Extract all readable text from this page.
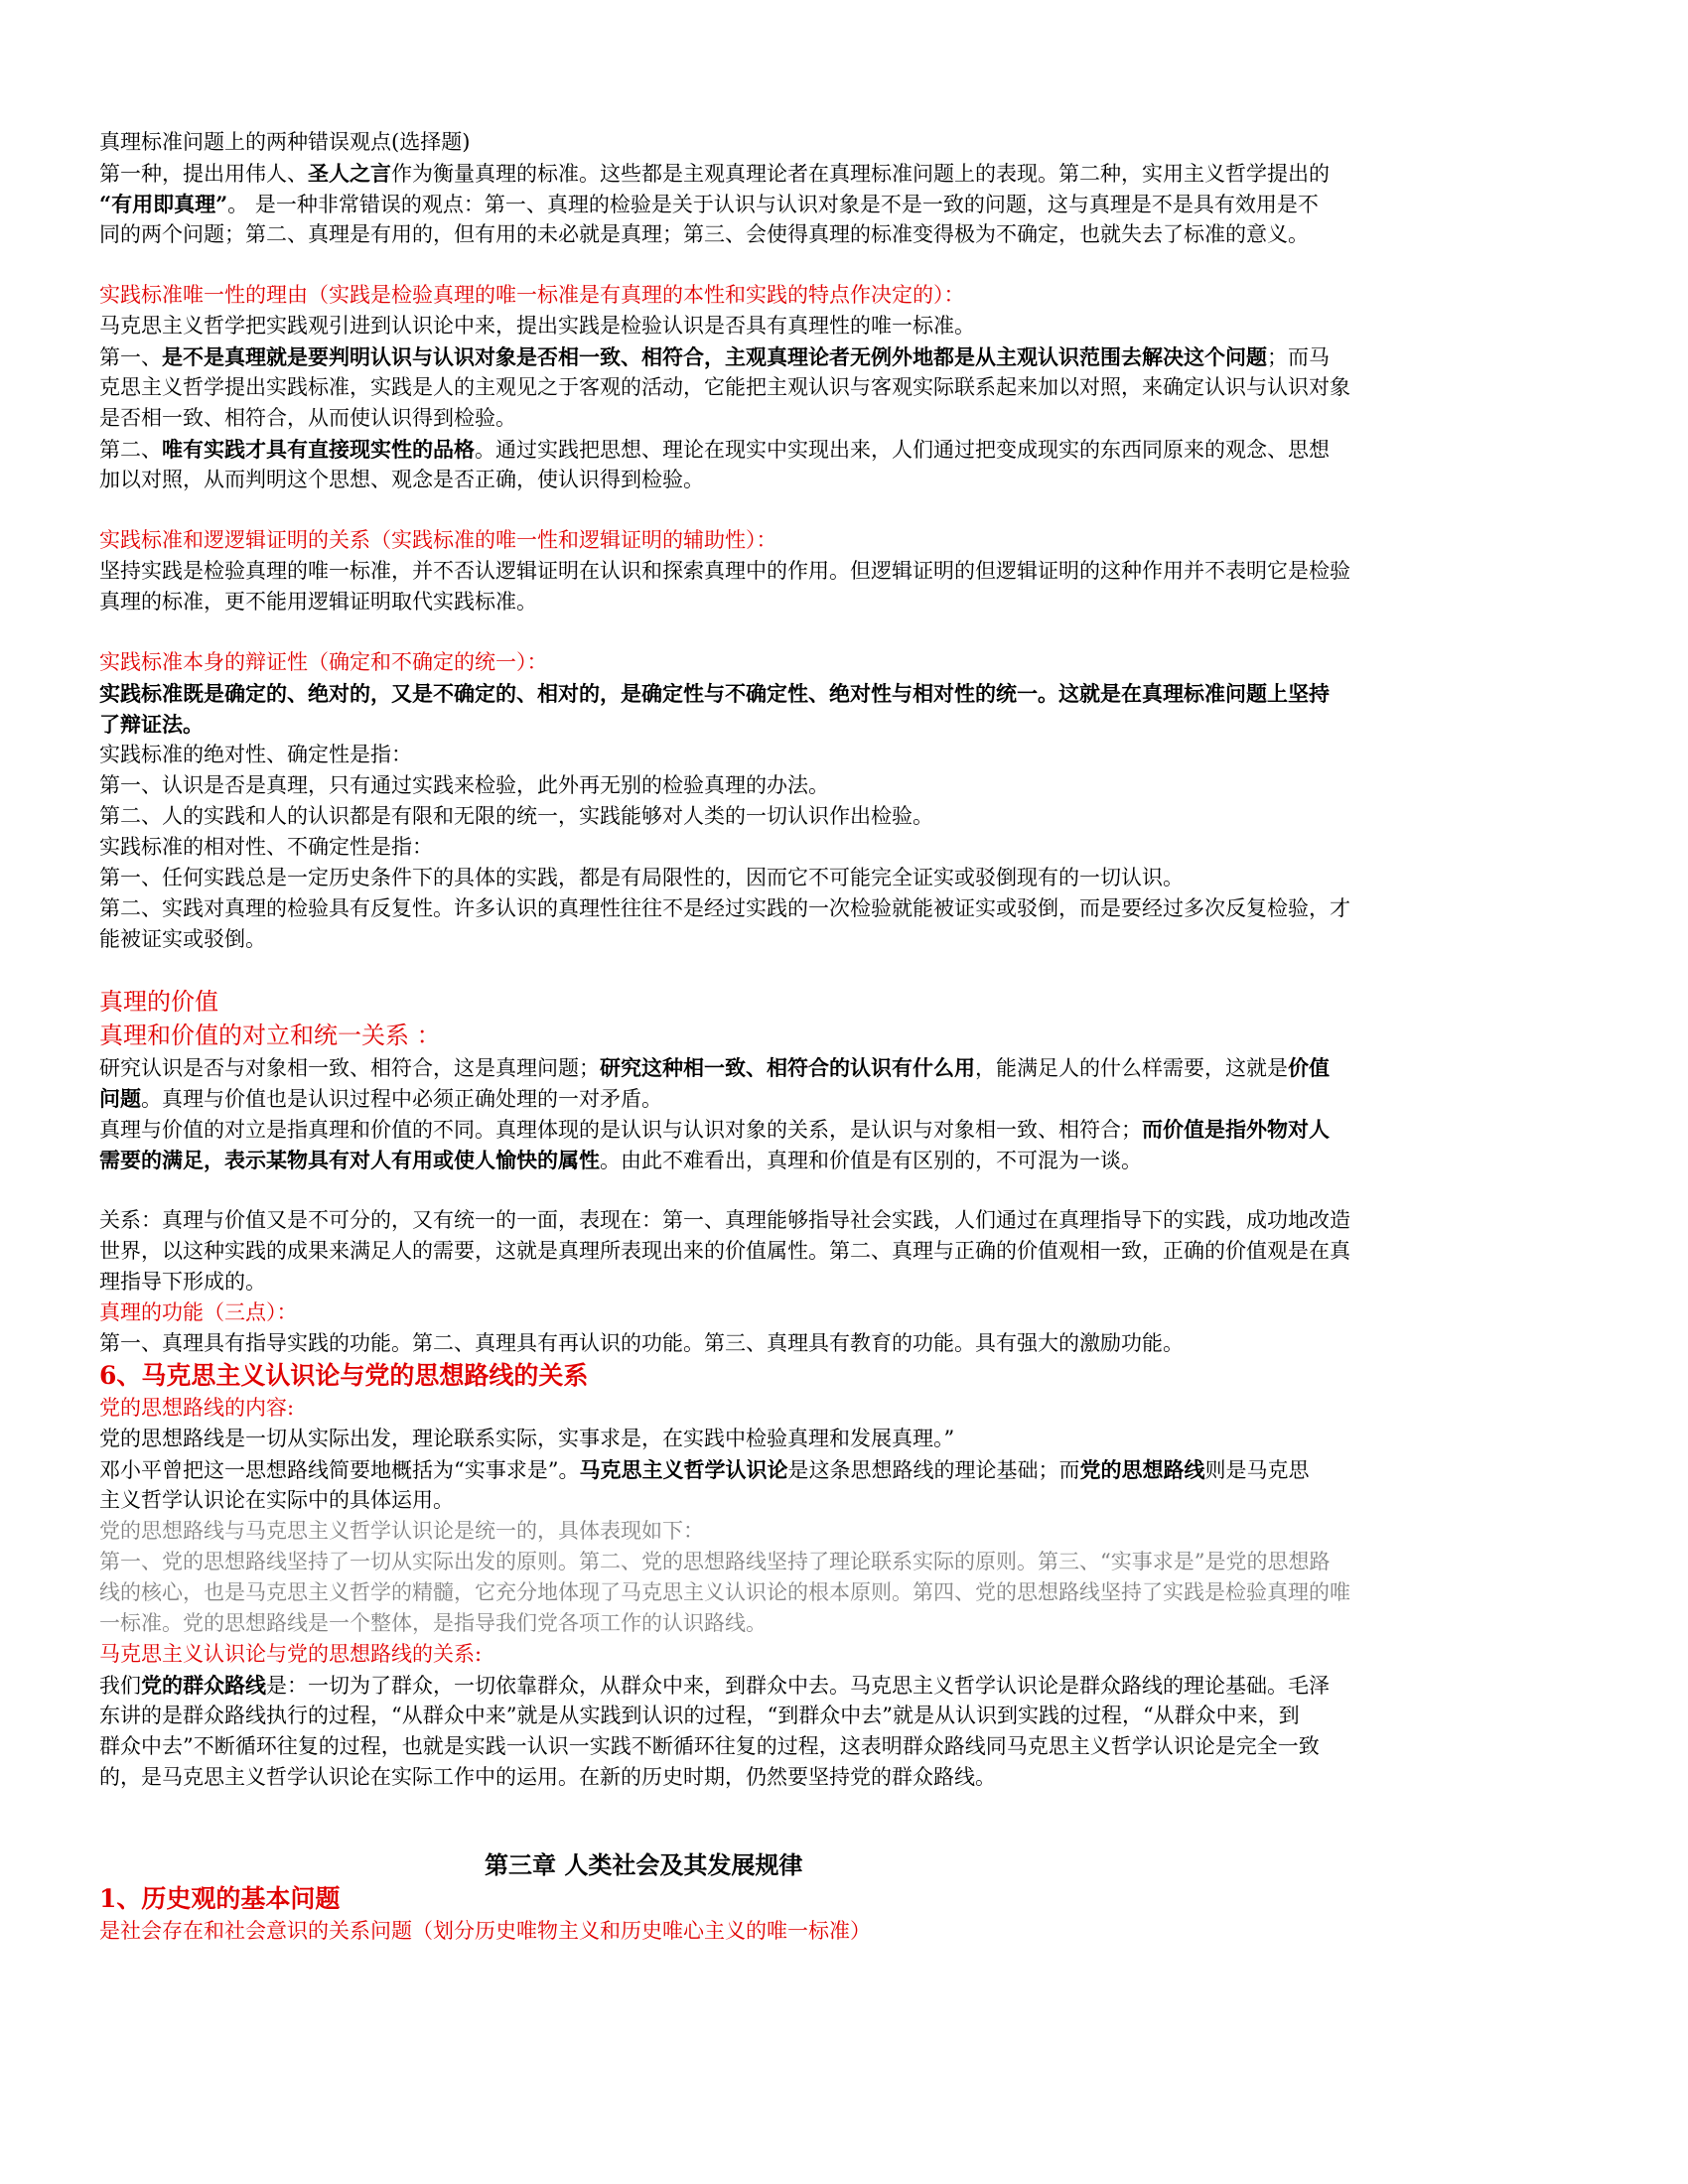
真理标准问题上的两种错误观点(选择题)
第一种，提出用伟人、圣人之言作为衡量真理的标准。这些都是主观真理论者在真理标准问题上的表现。第二种，实用主义哲学提出的
“有用即真理”。 是一种非常错误的观点：第一、真理的检验是关于认识与认识对象是不是一致的问题，这与真理是不是具有效用是不
同的两个问题；第二、真理是有用的，但有用的未必就是真理；第三、会使得真理的标准变得极为不确定，也就失去了标准的意义。
实践标准唯一性的理由（实践是检验真理的唯一标准是有真理的本性和实践的特点作决定的）：
马克思主义哲学把实践观引进到认识论中来，提出实践是检验认识是否具有真理性的唯一标准。
第一、是不是真理就是要判明认识与认识对象是否相一致、相符合，主观真理论者无例外地都是从主观认识范围去解决这个问题；而马
克思主义哲学提出实践标准，实践是人的主观见之于客观的活动，它能把主观认识与客观实际联系起来加以对照，来确定认识与认识对象
是否相一致、相符合，从而使认识得到检验。
第二、唯有实践才具有直接现实性的品格。通过实践把思想、理论在现实中实现出来，人们通过把变成现实的东西同原来的观念、思想
加以对照，从而判明这个思想、观念是否正确，使认识得到检验。
实践标准和逻逻辑证明的关系（实践标准的唯一性和逻辑证明的辅助性）：
坚持实践是检验真理的唯一标准，并不否认逻辑证明在认识和探索真理中的作用。但逻辑证明的但逻辑证明的这种作用并不表明它是检验
真理的标准，更不能用逻辑证明取代实践标准。
实践标准本身的辩证性（确定和不确定的统一）：
实践标准既是确定的、绝对的，又是不确定的、相对的，是确定性与不确定性、绝对性与相对性的统一。这就是在真理标准问题上坚持
了辩证法。
实践标准的绝对性、确定性是指：
第一、认识是否是真理，只有通过实践来检验，此外再无别的检验真理的办法。
第二、人的实践和人的认识都是有限和无限的统一，实践能够对人类的一切认识作出检验。
实践标准的相对性、不确定性是指：
第一、任何实践总是一定历史条件下的具体的实践，都是有局限性的，因而它不可能完全证实或驳倒现有的一切认识。
第二、实践对真理的检验具有反复性。许多认识的真理性往往不是经过实践的一次检验就能被证实或驳倒，而是要经过多次反复检验，才
能被证实或驳倒。
真理的价值
真理和价值的对立和统一关系 ：
研究认识是否与对象相一致、相符合，这是真理问题；研究这种相一致、相符合的认识有什么用，能满足人的什么样需要，这就是价值
问题。真理与价值也是认识过程中必须正确处理的一对矛盾。
真理与价值的对立是指真理和价值的不同。真理体现的是认识与认识对象的关系，是认识与对象相一致、相符合；而价值是指外物对人
需要的满足，表示某物具有对人有用或使人愉快的属性。由此不难看出，真理和价值是有区别的，不可混为一谈。
关系：真理与价值又是不可分的，又有统一的一面，表现在：第一、真理能够指导社会实践，人们通过在真理指导下的实践，成功地改造
世界，以这种实践的成果来满足人的需要，这就是真理所表现出来的价值属性。第二、真理与正确的价值观相一致，正确的价值观是在真
理指导下形成的。
真理的功能（三点）：
第一、真理具有指导实践的功能。第二、真理具有再认识的功能。第三、真理具有教育的功能。具有强大的激励功能。
6、马克思主义认识论与党的思想路线的关系
党的思想路线的内容:
党的思想路线是一切从实际出发，理论联系实际，实事求是，在实践中检验真理和发展真理。”
邓小平曾把这一思想路线简要地概括为“实事求是”。马克思主义哲学认识论是这条思想路线的理论基础；而党的思想路线则是马克思
主义哲学认识论在实际中的具体运用。
党的思想路线与马克思主义哲学认识论是统一的，具体表现如下：
第一、党的思想路线坚持了一切从实际出发的原则。第二、党的思想路线坚持了理论联系实际的原则。第三、“实事求是”是党的思想路
线的核心，也是马克思主义哲学的精髓，它充分地体现了马克思主义认识论的根本原则。第四、党的思想路线坚持了实践是检验真理的唯
一标准。党的思想路线是一个整体，是指导我们党各项工作的认识路线。
马克思主义认识论与党的思想路线的关系:
我们党的群众路线是：一切为了群众，一切依靠群众，从群众中来，到群众中去。马克思主义哲学认识论是群众路线的理论基础。毛泽
东讲的是群众路线执行的过程，“从群众中来”就是从实践到认识的过程，“到群众中去”就是从认识到实践的过程，“从群众中来，到
群众中去”不断循环往复的过程，也就是实践一认识一实践不断循环往复的过程，这表明群众路线同马克思主义哲学认识论是完全一致
的，是马克思主义哲学认识论在实际工作中的运用。在新的历史时期，仍然要坚持党的群众路线。
第三章 人类社会及其发展规律
1、历史观的基本问题
是社会存在和社会意识的关系问题（划分历史唯物主义和历史唯心主义的唯一标准）
